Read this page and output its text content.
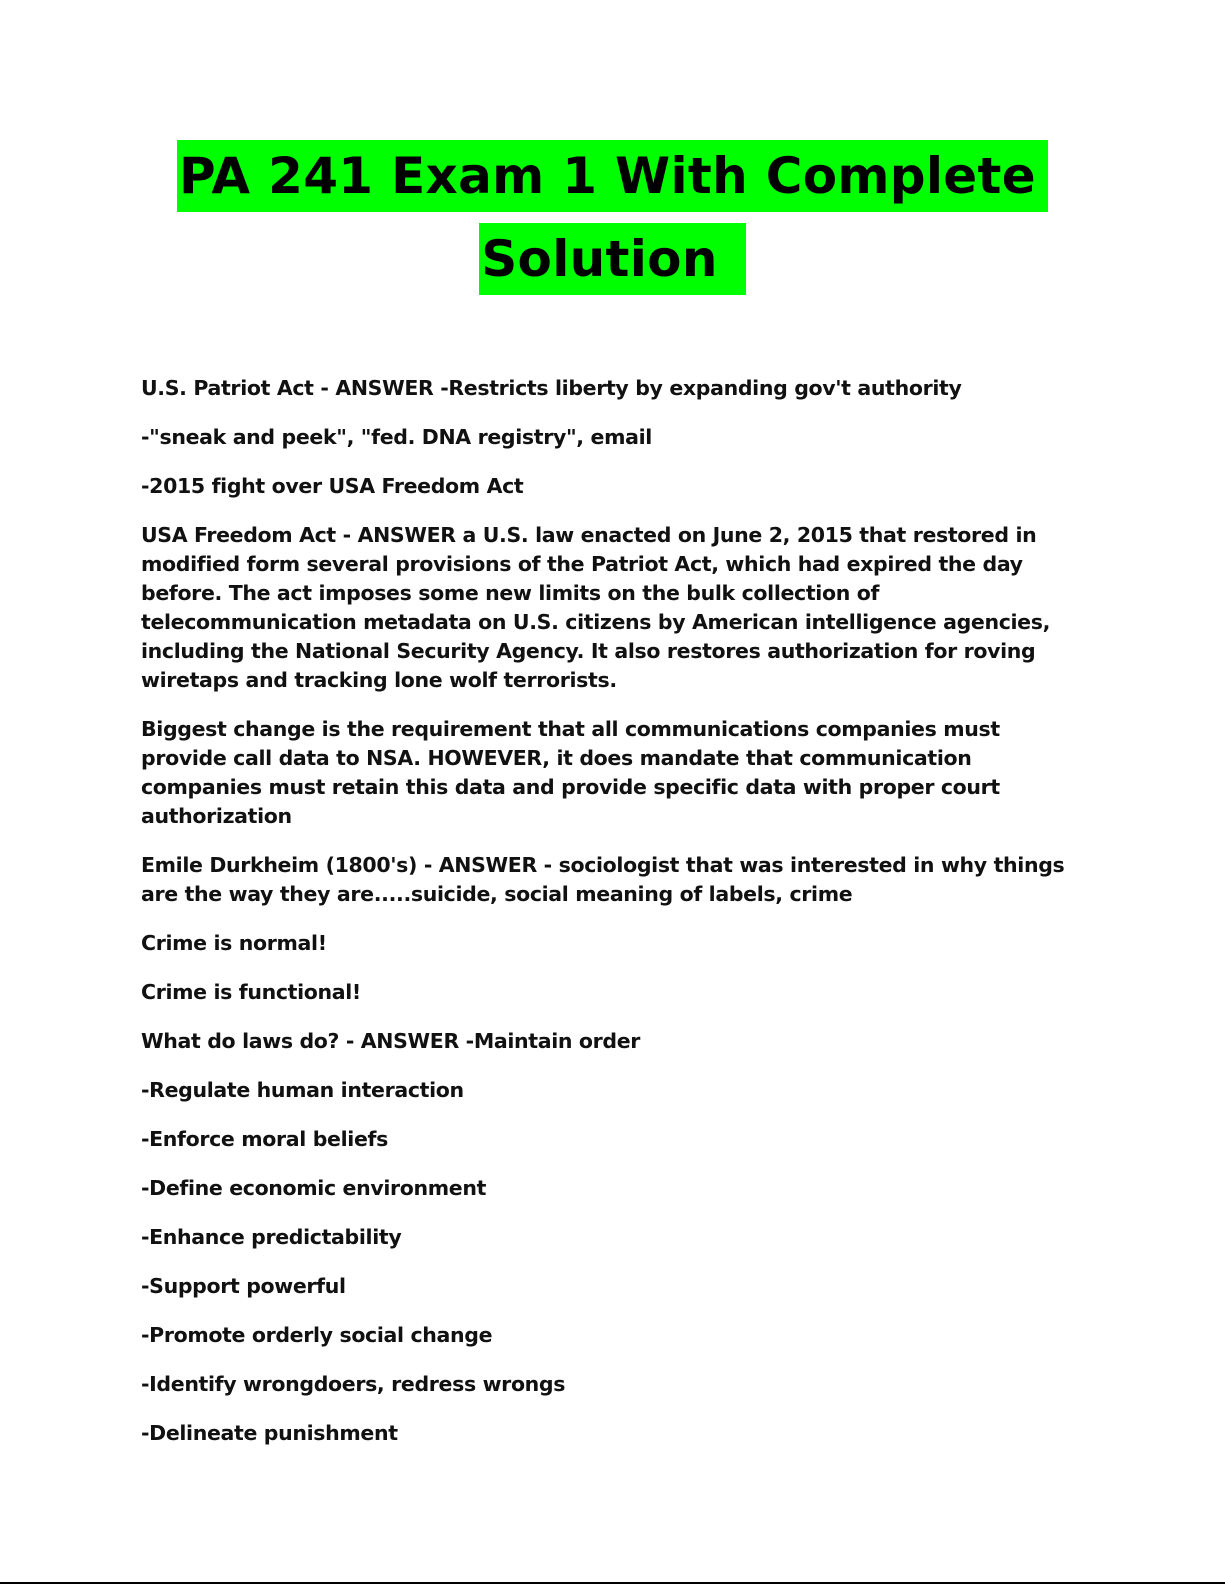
PA 241 Exam 1 With Complete
Solution

U.S. Patriot Act - ANSWER -Restricts liberty by expanding gov't authority

-"sneak and peek", "fed. DNA registry", email

-2015 fight over USA Freedom Act

USA Freedom Act - ANSWER a U.S. law enacted on June 2, 2015 that restored in modified form several provisions of the Patriot Act, which had expired the day before. The act imposes some new limits on the bulk collection of telecommunication metadata on U.S. citizens by American intelligence agencies, including the National Security Agency. It also restores authorization for roving wiretaps and tracking lone wolf terrorists.

Biggest change is the requirement that all communications companies must provide call data to NSA. HOWEVER, it does mandate that communication companies must retain this data and provide specific data with proper court authorization

Emile Durkheim (1800's) - ANSWER - sociologist that was interested in why things are the way they are.....suicide, social meaning of labels, crime

Crime is normal!

Crime is functional!

What do laws do? - ANSWER -Maintain order

-Regulate human interaction

-Enforce moral beliefs

-Define economic environment

-Enhance predictability

-Support powerful

-Promote orderly social change

-Identify wrongdoers, redress wrongs

-Delineate punishment
